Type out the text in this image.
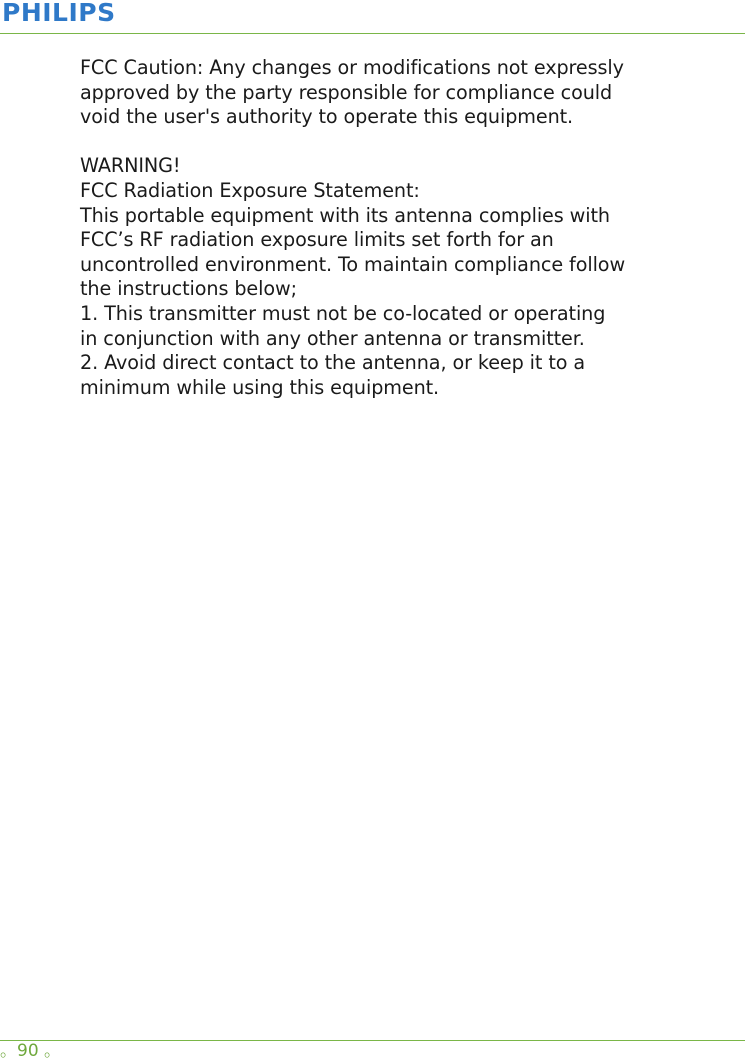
PHILIPS
FCC Caution: Any changes or modifications not expressly
approved by the party responsible for compliance could
void the user's authority to operate this equipment.
WARNING!
FCC Radiation Exposure Statement:
This portable equipment with its antenna complies with
FCC’s RF radiation exposure limits set forth for an
uncontrolled environment. To maintain compliance follow
the instructions below;
1. This transmitter must not be co-located or operating
in conjunction with any other antenna or transmitter.
2. Avoid direct contact to the antenna, or keep it to a
minimum while using this equipment.
。90 。
